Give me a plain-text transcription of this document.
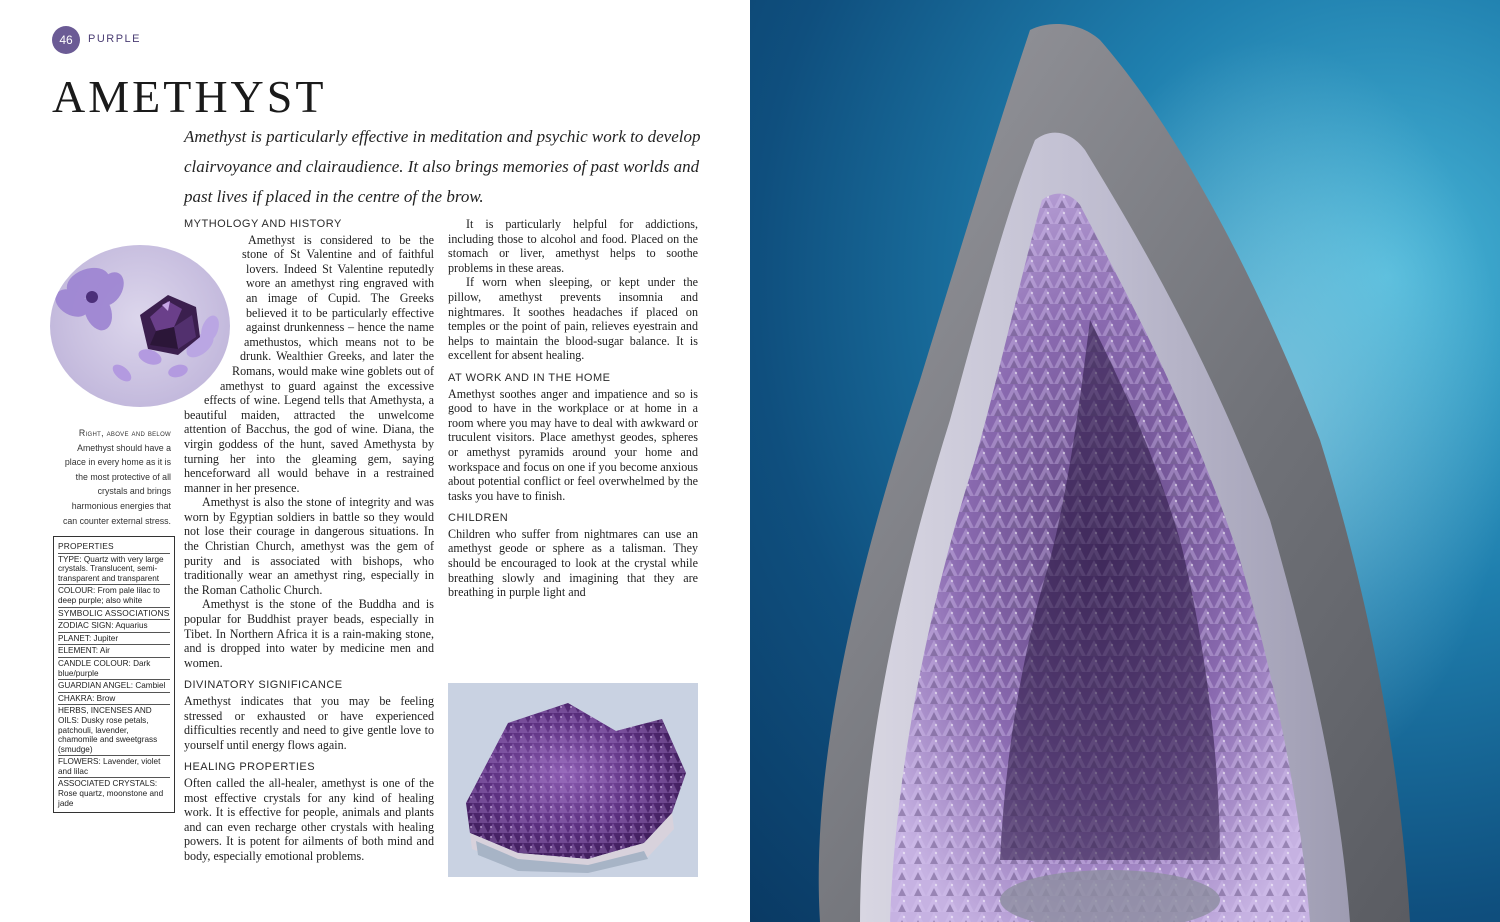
46	PURPLE
AMETHYST

Amethyst is particularly effective in meditation and psychic work to develop clairvoyance and clairaudience. It also brings memories of past worlds and past lives if placed in the centre of the brow.

Right, above and below
Amethyst should have a place in every home as it is the most protective of all crystals and brings harmonious energies that can counter external stress.
PROPERTIES
TYPE: Quartz with very large crystals. Translucent, semi-transparent and transparent
COLOUR: From pale lilac to deep purple; also white
SYMBOLIC ASSOCIATIONS
ZODIAC SIGN: Aquarius
PLANET: Jupiter
ELEMENT: Air
CANDLE COLOUR: Dark blue/purple
GUARDIAN ANGEL: Cambiel
CHAKRA: Brow
HERBS, INCENSES AND OILS: Dusky rose petals, patchouli, lavender, chamomile and sweetgrass (smudge)
FLOWERS: Lavender, violet and lilac
ASSOCIATED CRYSTALS: Rose quartz, moonstone and jade
MYTHOLOGY AND HISTORY

Amethyst is considered to be the stone of St Valentine and of faithful lovers. Indeed St Valentine reputedly wore an amethyst ring engraved with an image of Cupid. The Greeks believed it to be particularly effective against drunkenness – hence the name amethustos, which means not to be drunk. Wealthier Greeks, and later the Romans, would make wine goblets out of amethyst to guard against the excessive effects of wine. Legend tells that Amethysta, a beautiful maiden, attracted the unwelcome attention of Bacchus, the god of wine. Diana, the virgin goddess of the hunt, saved Amethysta by turning her into the gleaming gem, saying henceforward all would behave in a restrained manner in her presence.

Amethyst is also the stone of integrity and was worn by Egyptian soldiers in battle so they would not lose their courage in dangerous situations. In the Christian Church, amethyst was the gem of purity and is associated with bishops, who traditionally wear an amethyst ring, especially in the Roman Catholic Church.

Amethyst is the stone of the Buddha and is popular for Buddhist prayer beads, especially in Tibet. In Northern Africa it is a rain-making stone, and is dropped into water by medicine men and women.

DIVINATORY SIGNIFICANCE

Amethyst indicates that you may be feeling stressed or exhausted or have experienced difficulties recently and need to give gentle love to yourself until energy flows again.

HEALING PROPERTIES

Often called the all-healer, amethyst is one of the most effective crystals for any kind of healing work. It is effective for people, animals and plants and can even recharge other crystals with healing powers. It is potent for ailments of both mind and body, especially emotional problems.

It is particularly helpful for addictions, including those to alcohol and food. Placed on the stomach or liver, amethyst helps to soothe problems in these areas.

If worn when sleeping, or kept under the pillow, amethyst prevents insomnia and nightmares. It soothes headaches if placed on temples or the point of pain, relieves eyestrain and helps to maintain the blood-sugar balance. It is excellent for absent healing.

AT WORK AND IN THE HOME

Amethyst soothes anger and impatience and so is good to have in the workplace or at home in a room where you may have to deal with awkward or truculent visitors. Place amethyst geodes, spheres or amethyst pyramids around your home and workspace and focus on one if you become anxious about potential conflict or feel overwhelmed by the tasks you have to finish.

CHILDREN

Children who suffer from nightmares can use an amethyst geode or sphere as a talisman. They should be encouraged to look at the crystal while breathing slowly and imagining that they are breathing in purple light and
